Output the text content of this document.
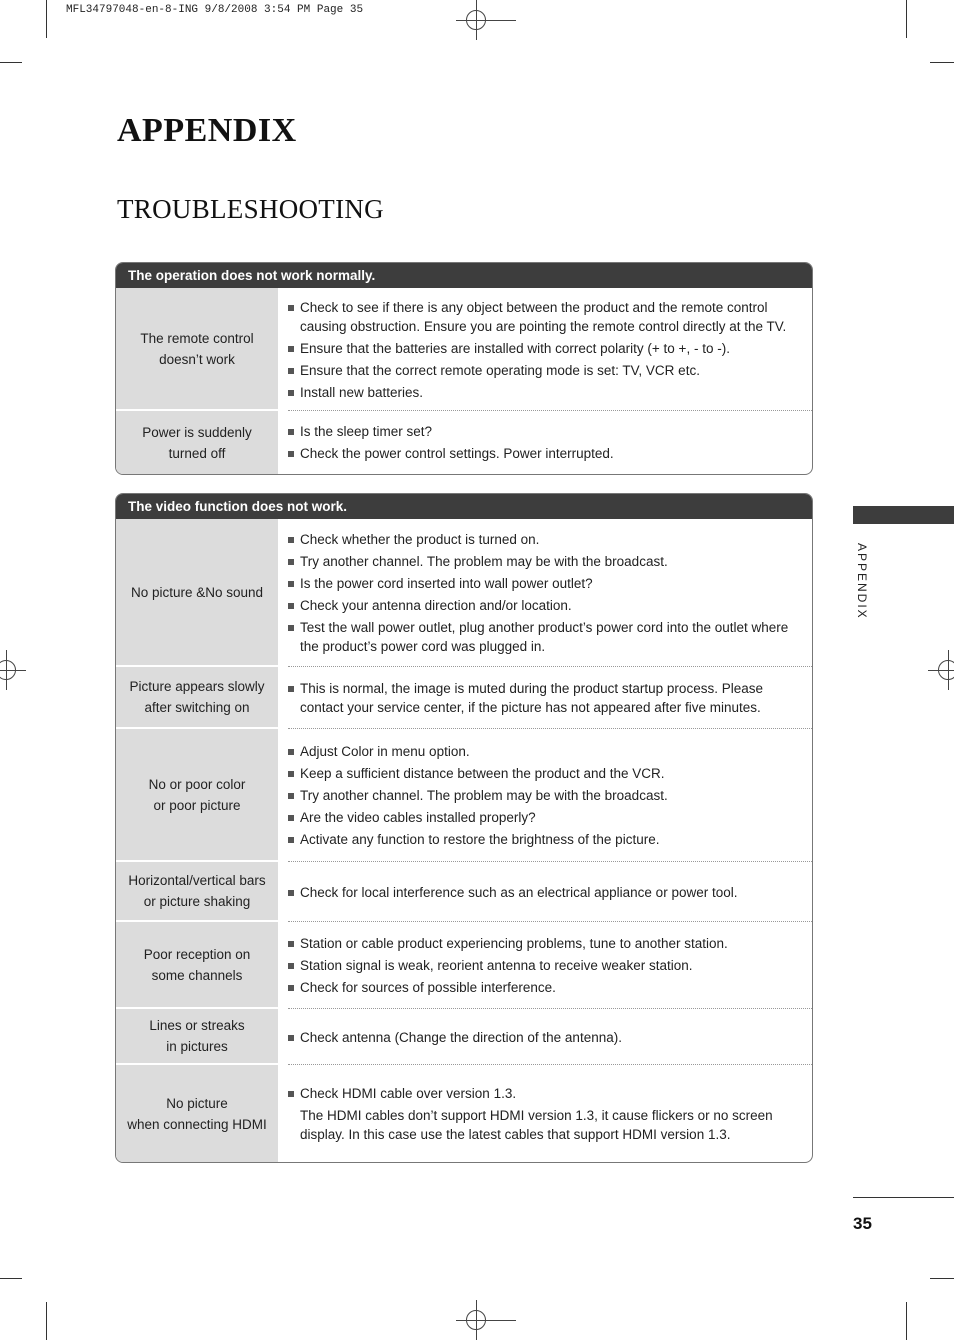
MFL34797048-en-8-ING 9/8/2008 3:54 PM Page 35
APPENDIX
TROUBLESHOOTING
The operation does not work normally.
The remote control
doesn’t work
Check to see if there is any object between the product and the remote control causing obstruction. Ensure you are pointing the remote control directly at the TV.
Ensure that the batteries are installed with correct polarity (+ to +, - to -).
Ensure that the correct remote operating mode is set: TV, VCR etc.
Install new batteries.
Power is suddenly
turned off
Is the sleep timer set?
Check the power control settings. Power interrupted.
The video function does not work.
No picture &No sound
Check whether the product is turned on.
Try another channel. The problem may be with the broadcast.
Is the power cord inserted into wall power outlet?
Check your antenna direction and/or location.
Test the wall power outlet, plug another product’s power cord into the outlet where the product’s power cord was plugged in.
Picture appears slowly
after switching on
This is normal, the image is muted during the product startup process. Please contact your service center, if the picture has not appeared after five minutes.
No or poor color
or poor picture
Adjust Color in menu option.
Keep a sufficient distance between the product and the VCR.
Try another channel. The problem may be with the broadcast.
Are the video cables installed properly?
Activate any function to restore the brightness of the picture.
Horizontal/vertical bars
or picture shaking
Check for local interference such as an electrical appliance or power tool.
Poor reception on
some channels
Station or cable product experiencing problems, tune to another station.
Station signal is weak, reorient antenna to receive weaker station.
Check for sources of possible interference.
Lines or streaks
in pictures
Check antenna (Change the direction of the antenna).
No picture
when connecting HDMI
Check HDMI cable over version 1.3.
The HDMI cables don’t support HDMI version 1.3, it cause flickers or no screen display. In this case use the latest cables that support HDMI version 1.3.
APPENDIX
35
